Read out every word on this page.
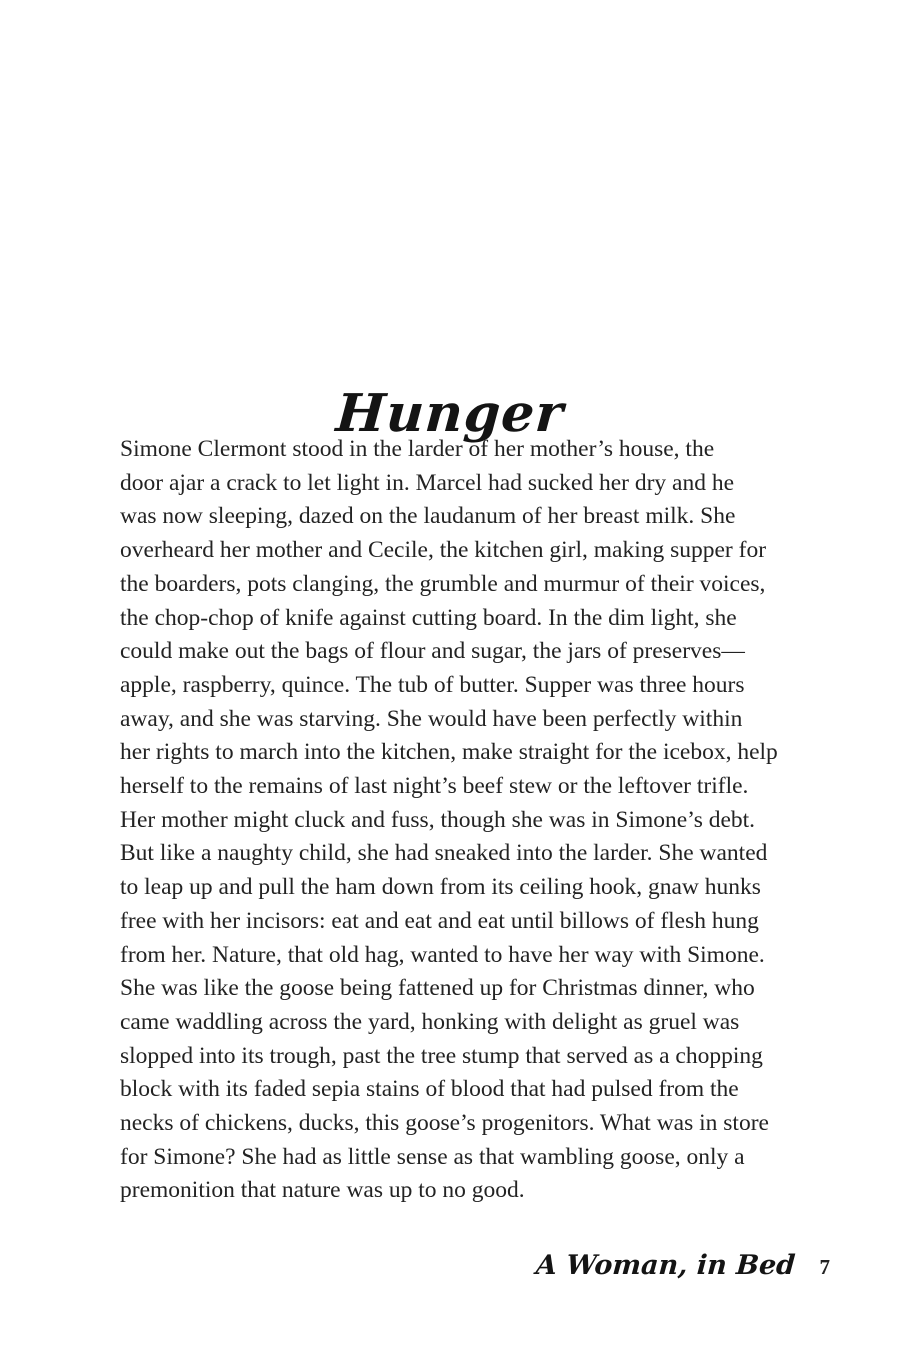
Hunger
Simone Clermont stood in the larder of her mother’s house, the
door ajar a crack to let light in. Marcel had sucked her dry and he
was now sleeping, dazed on the laudanum of her breast milk. She
overheard her mother and Cecile, the kitchen girl, making supper for
the boarders, pots clanging, the grumble and murmur of their voices,
the chop-chop of knife against cutting board. In the dim light, she
could make out the bags of flour and sugar, the jars of preserves—
apple, raspberry, quince. The tub of butter. Supper was three hours
away, and she was starving. She would have been perfectly within
her rights to march into the kitchen, make straight for the icebox, help
herself to the remains of last night’s beef stew or the leftover trifle.
Her mother might cluck and fuss, though she was in Simone’s debt.
But like a naughty child, she had sneaked into the larder. She wanted
to leap up and pull the ham down from its ceiling hook, gnaw hunks
free with her incisors: eat and eat and eat until billows of flesh hung
from her. Nature, that old hag, wanted to have her way with Simone.
She was like the goose being fattened up for Christmas dinner, who
came waddling across the yard, honking with delight as gruel was
slopped into its trough, past the tree stump that served as a chopping
block with its faded sepia stains of blood that had pulsed from the
necks of chickens, ducks, this goose’s progenitors. What was in store
for Simone? She had as little sense as that wambling goose, only a
premonition that nature was up to no good.
A Woman, in Bed 7
